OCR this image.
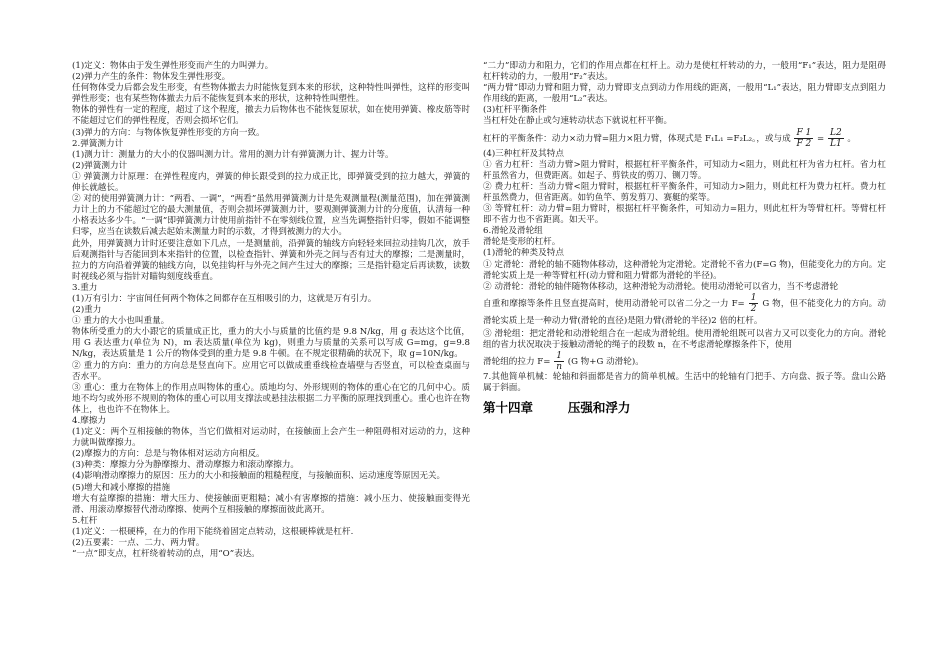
(1)定义：物体由于发生弹性形变而产生的力叫弹力。

(2)弹力产生的条件：物体发生弹性形变。

任何物体受力后都会发生形变，有些物体撤去力时能恢复到本来的形状，这种特性叫弹性，这样的形变叫弹性形变；也有某些物体撤去力后不能恢复到本来的形状，这种特性叫塑性。

物体的弹性有一定的程度，超过了这个程度，撤去力后物体也不能恢复原状，如在使用弹簧、橡皮筋等时不能超过它们的弹性程度，否则会损坏它们。

(3)弹力的方向：与物体恢复弹性形变的方向一致。

2.弹簧测力计

(1)测力计：测量力的大小的仪器叫测力计。常用的测力计有弹簧测力计、握力计等。

(2)弹簧测力计

① 弹簧测力计原理：在弹性程度内，弹簧的伸长跟受到的拉力成正比，即弹簧受到的拉力越大，弹簧的伸长就越长。

② 对的使用弹簧测力计：“两看、一调”，“两看”虽然用弹簧测力计是先观测量程(测量范围)，加在弹簧测力计上的力不能超过它的最大测量值，否则会损坏弹簧测力计，要观测弹簧测力计的分度值，认清每一种小格表达多少牛。“一调”即弹簧测力计使用前指针不在零刻线位置，应当先调整指针归零，假如不能调整归零，应当在读数后减去起始末测量力时的示数，才得到被测力的大小。

此外，用弹簧测力计时还要注意如下几点，一是测量前，沿弹簧的轴线方向轻轻来回拉动挂钩几次，放手后观测指针与否能回到本来指针的位置，以检查指针、弹簧和外壳之间与否有过大的摩擦；二是测量时，拉力的方向沿着弹簧的轴线方向，以免挂钩杆与外壳之间产生过大的摩擦；三是指针稳定后再读数，读数时视线必须与指针对瞄钩刻度线垂直。

3.重力

(1)万有引力：宇宙间任何两个物体之间都存在互相吸引的力，这就是万有引力。

(2)重力

① 重力的大小也叫重量。

物体所受重力的大小跟它的质量成正比，重力的大小与质量的比值约是 9.8 N/kg，用 g 表达这个比值，用 G 表达重力(单位为 N)，m 表达质量(单位为 kg)，则重力与质量的关系可以写成 G=mg，g=9.8 N/kg，表达质量是 1 公斤的物体受到的重力是 9.8 牛顿。在不规定很精确的状况下，取 g=10N/kg。

② 重力的方向：重力的方向总是竖直向下。应用它可以做成重垂线检查墙壁与否竖直，可以检查桌面与否水平。

③ 重心：重力在物体上的作用点叫物体的重心。质地均匀、外形规则的物体的重心在它的几何中心。质地不均匀或外形不规则的物体的重心可以用支撑法或悬挂法根据二力平衡的原理找到重心。重心也许在物体上，也也许不在物体上。

4.摩擦力

(1)定义：两个互相接触的物体，当它们做相对运动时，在接触面上会产生一种阻碍相对运动的力，这种力就叫做摩擦力。

(2)摩擦力的方向：总是与物体相对运动方向相反。

(3)种类：摩擦力分为静摩擦力、滑动摩擦力和滚动摩擦力。

(4)影响滑动摩擦力的原因：压力的大小和接触面的粗糙程度，与接触面积、运动速度等原因无关。

(5)增大和减小摩擦的措施

增大有益摩擦的措施：增大压力、使接触面更粗糙；减小有害摩擦的措施：减小压力、使接触面变得光滑、用滚动摩擦替代滑动摩擦、使两个互相接触的摩擦面彼此离开。

5.杠杆

(1)定义：一根硬棒，在力的作用下能绕着固定点转动，这根硬棒就是杠杆.

(2)五要素：一点、二力、两力臂。

“一点”即支点，杠杆绕着转动的点，用“O”表达。

“二力”即动力和阻力，它们的作用点都在杠杆上。动力是使杠杆转动的力，一般用“F₁”表达，阻力是阻碍杠杆转动的力，一般用“F₂”表达。

“两力臂”即动力臂和阻力臂，动力臂即支点到动力作用线的距离，一般用“L₁”表达，阻力臂即支点到阻力作用线的距离，一般用“L₂”表达。

(3)杠杆平衡条件

当杠杆处在静止或匀速转动状态下就说杠杆平衡。

杠杆的平衡条件：动力×动力臂=阻力×阻力臂，体现式是 F₁L₁ =F₂L₂。，或与成 $\frac{F 1}{F 2} = \frac{L2}{L1}$ 。

(4)三种杠杆及其特点

① 省力杠杆：当动力臂>阻力臂时，根据杠杆平衡条件，可知动力<阻力，则此杠杆为省力杠杆。省力杠杆虽然省力，但费距离。如起子、剪铁皮的剪刀、铡刀等。

② 费力杠杆：当动力臂<阻力臂时，根据杠杆平衡条件，可知动力>阻力，则此杠杆为费力杠杆。费力杠杆虽然费力，但省距离。如钓鱼竿、剪发剪刀、赛艇的桨等。

③ 等臂杠杆：动力臂=阻力臂时，根据杠杆平衡条件，可知动力=阻力，则此杠杆为等臂杠杆。等臂杠杆即不省力也不省距离。如天平。

6.滑轮及滑轮组

滑轮是变形的杠杆。

(1)滑轮的种类及特点

① 定滑轮：滑轮的轴不随物体移动，这种滑轮为定滑轮。定滑轮不省力(F=G 物)，但能变化力的方向。定滑轮实质上是一种等臂杠杆(动力臂和阻力臂都为滑轮的半径)。

② 动滑轮：滑轮的轴伴随物体移动，这种滑轮为动滑轮。使用动滑轮可以省力，当不考虑滑轮

自重和摩擦等条件且竖直提高时，使用动滑轮可以省二分之一力 $F= \frac{1}{2}$ G 物，但不能变化力的方向。动滑轮实质上是一种动力臂(滑轮的直径)是阻力臂(滑轮的半径)2 倍的杠杆。

③ 滑轮组：把定滑轮和动滑轮组合在一起成为滑轮组。使用滑轮组既可以省力又可以变化力的方向。滑轮组的省力状况取决于接触动滑轮的绳子的段数 n，在不考虑滑轮摩擦条件下，使用

滑轮组的拉力 $F= \frac{1}{n} (G$ 物+G 动滑轮)。

7.其他简单机械：轮轴和斜面都是省力的简单机械。生活中的轮轴有门把手、方向盘、扳子等。盘山公路属于斜面。

第十四章        压强和浮力
